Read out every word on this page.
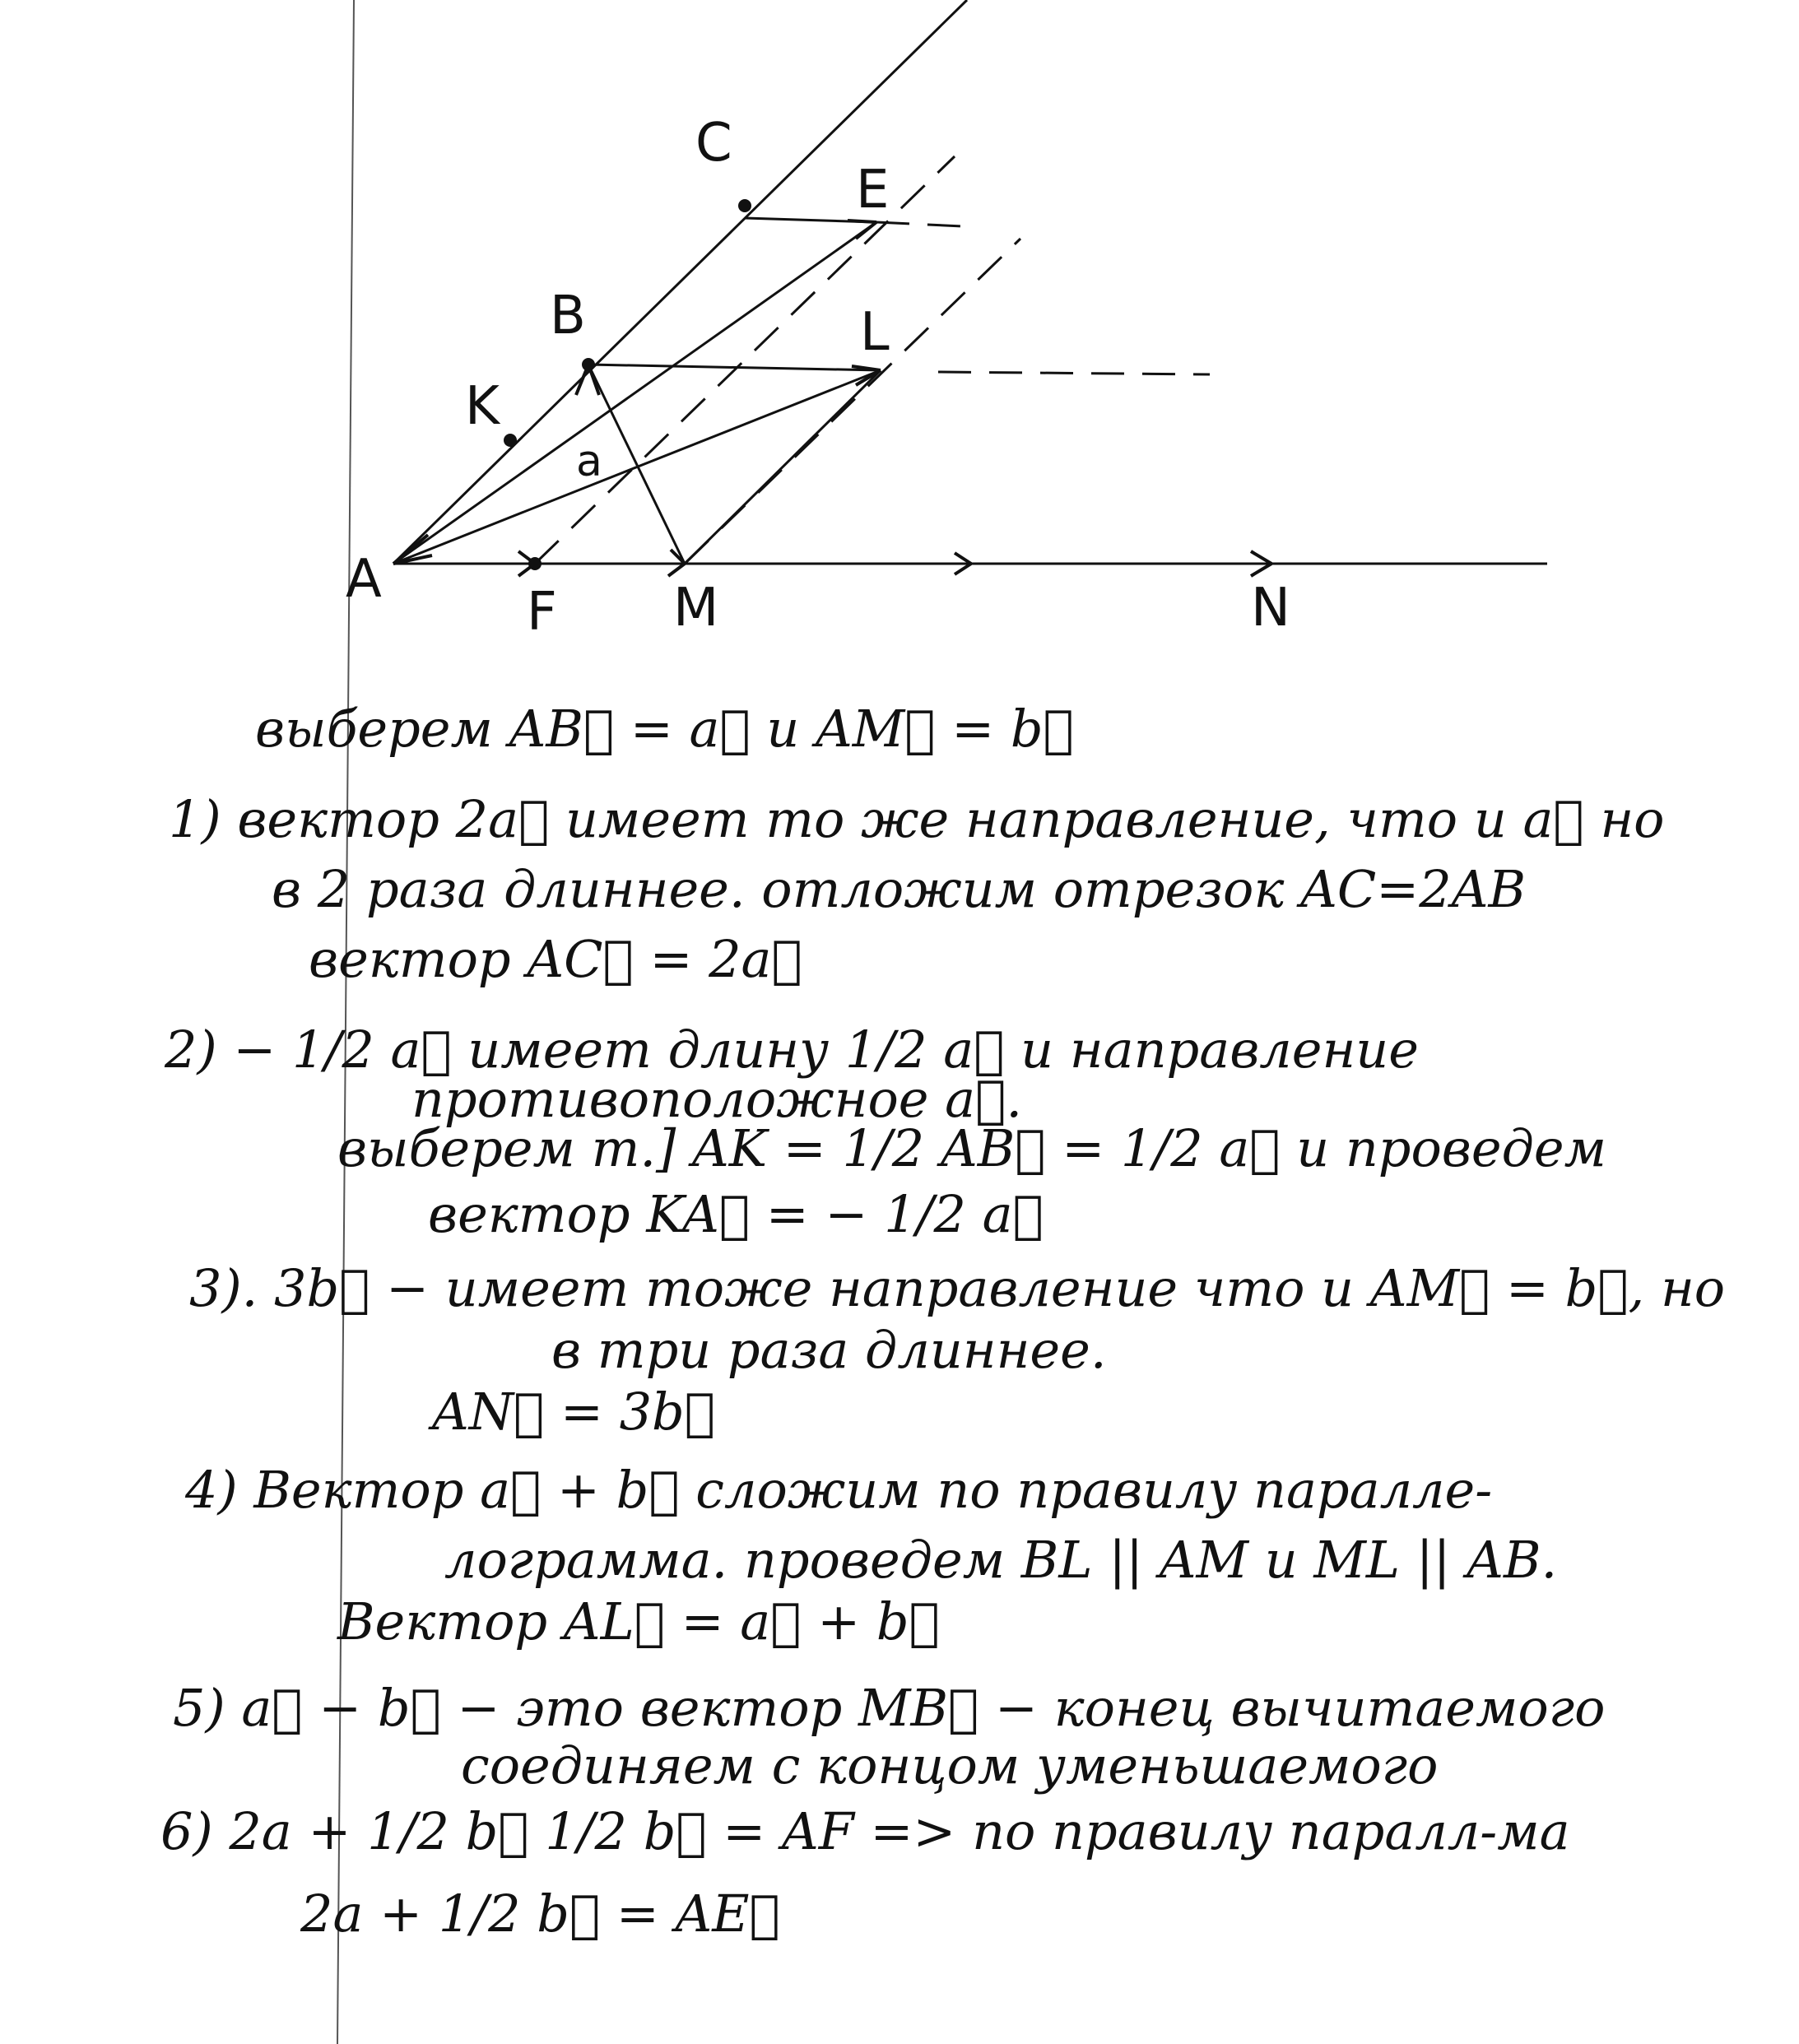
A
B
C
E
K
L
F M	N
a
выберем AB⃗ = a⃗ и AM⃗ = b⃗
1) вектор 2a⃗ имеет то же направление, что и a⃗ но
в 2 раза длиннее. отложим отрезок AC=2AB
вектор AC⃗ = 2a⃗
2) − 1/2 a⃗ имеет длину 1/2 a⃗ и направление
противоположное a⃗.
выберем т.] AK = 1/2 AB⃗ = 1/2 a⃗ и проведем
вектор KA⃗ = − 1/2 a⃗
3). 3b⃗ − имеет тоже направление что и AM⃗ = b⃗, но
в три раза длиннее.
AN⃗ = 3b⃗
4) Вектор a⃗ + b⃗ сложим по правилу паралле-
лограмма. проведем BL || AM и ML || AB.
Вектор AL⃗ = a⃗ + b⃗
5) a⃗ − b⃗ − это вектор MB⃗ − конец вычитаемого
соединяем с концом уменьшаемого
6) 2a + 1/2 b⃗ 1/2 b⃗ = AF => по правилу паралл-ма
2a + 1/2 b⃗ = AE⃗
